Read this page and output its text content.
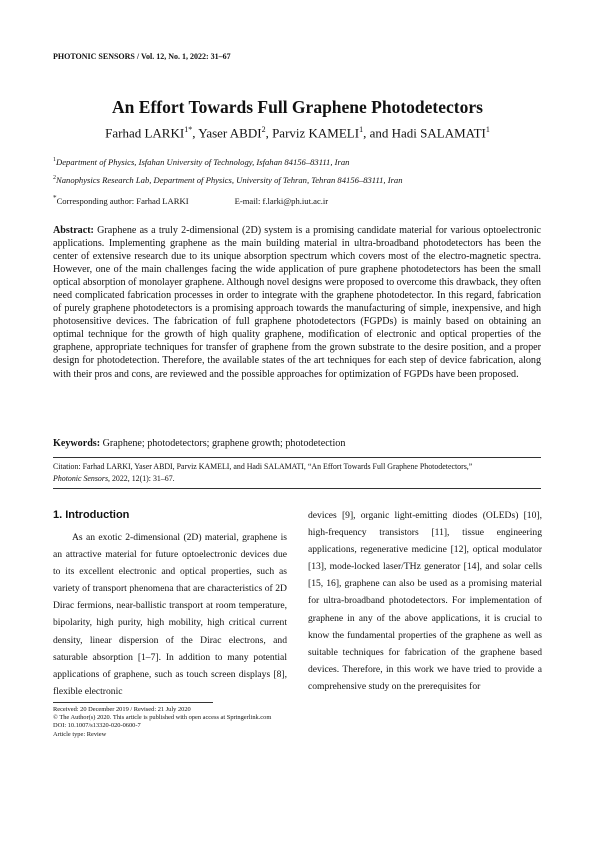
PHOTONIC SENSORS / Vol. 12, No. 1, 2022: 31–67
An Effort Towards Full Graphene Photodetectors
Farhad $LARKI^{1*}$, Yaser ABDI$^2$, Parviz KAMELI$^1$, and Hadi SALAMATI$^1$
$^1$Department of Physics, Isfahan University of Technology, Isfahan 84156–83111, Iran
$^2$Nanophysics Research Lab, Department of Physics, University of Tehran, Tehran 84156–83111, Iran
*Corresponding author: Farhad LARKI	E-mail: f.larki@ph.iut.ac.ir
Abstract: Graphene as a truly 2-dimensional (2D) system is a promising candidate material for various optoelectronic applications. Implementing graphene as the main building material in ultra-broadband photodetectors has been the center of extensive research due to its unique absorption spectrum which covers most of the electro-magnetic spectra. However, one of the main challenges facing the wide application of pure graphene photodetectors has been the small optical absorption of monolayer graphene. Although novel designs were proposed to overcome this drawback, they often need complicated fabrication processes in order to integrate with the graphene photodetector. In this regard, fabrication of purely graphene photodetectors is a promising approach towards the manufacturing of simple, inexpensive, and high photosensitive devices. The fabrication of full graphene photodetectors (FGPDs) is mainly based on obtaining an optimal technique for the growth of high quality graphene, modification of electronic and optical properties of the graphene, appropriate techniques for transfer of graphene from the grown substrate to the desire position, and a proper design for photodetection. Therefore, the available states of the art techniques for each step of device fabrication, along with their pros and cons, are reviewed and the possible approaches for optimization of FGPDs have been proposed.
Keywords: Graphene; photodetectors; graphene growth; photodetection
Citation: Farhad LARKI, Yaser ABDI, Parviz KAMELI, and Hadi SALAMATI, “An Effort Towards Full Graphene Photodetectors,”
Photonic Sensors, 2022, 12(1): 31–67.
1. Introduction
As an exotic 2-dimensional (2D) material, graphene is an attractive material for future optoelectronic devices due to its excellent electronic and optical properties, such as variety of transport phenomena that are characteristics of 2D Dirac fermions, near-ballistic transport at room temperature, bipolarity, high purity, high mobility, high critical current density, linear dispersion of the Dirac electrons, and saturable absorption [1–7]. In addition to many potential applications of graphene, such as touch screen displays [8], flexible electronic
devices [9], organic light-emitting diodes (OLEDs) [10], high-frequency transistors [11], tissue engineering applications, regenerative medicine [12], optical modulator [13], mode-locked laser/THz generator [14], and solar cells [15, 16], graphene can also be used as a promising material for ultra-broadband photodetectors. For implementation of graphene in any of the above applications, it is crucial to know the fundamental properties of the graphene as well as suitable techniques for fabrication of the graphene based devices. Therefore, in this work we have tried to provide a comprehensive study on the prerequisites for
Received: 20 December 2019 / Revised: 21 July 2020
© The Author(s) 2020. This article is published with open access at Springerlink.com
DOI: 10.1007/s13320-020-0600-7
Article type: Review
